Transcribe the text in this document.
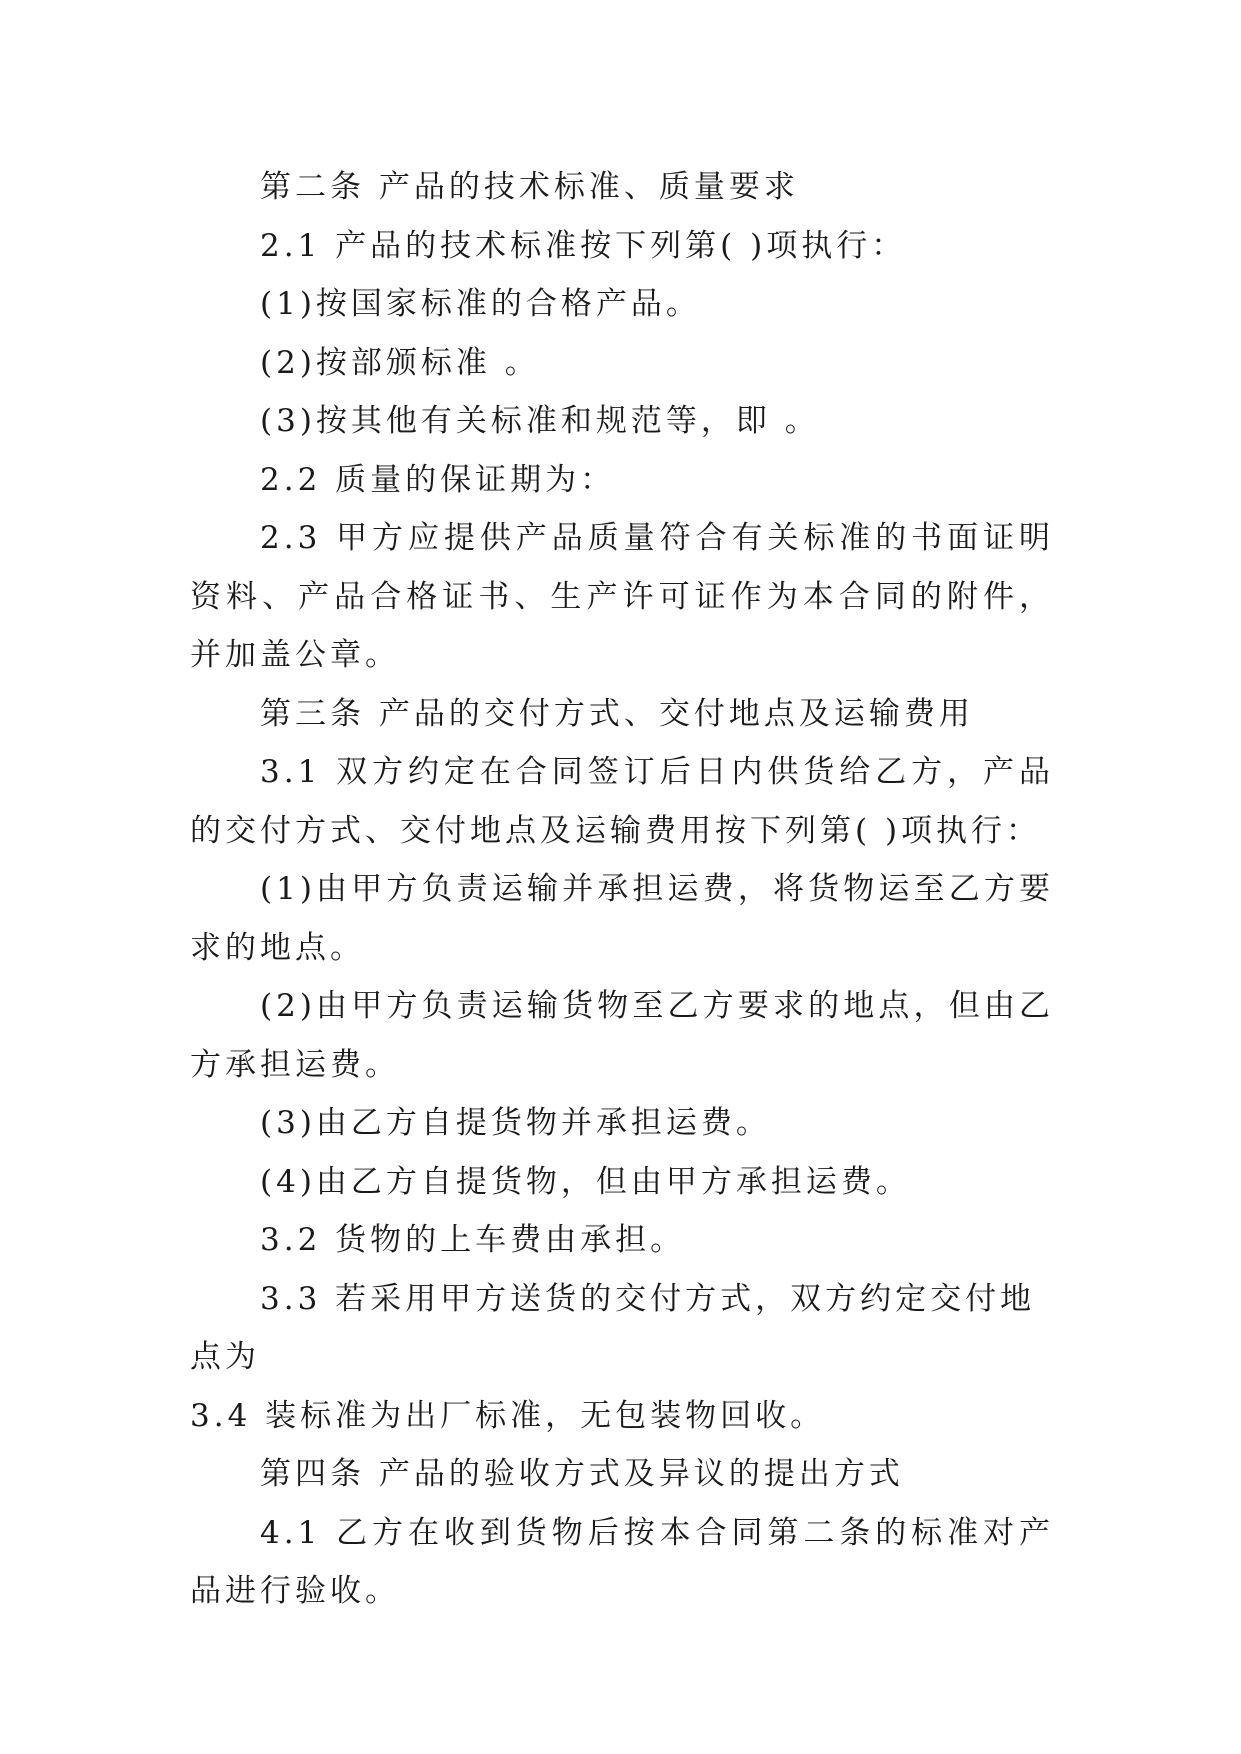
第二条 产品的技术标准、质量要求

2.1 产品的技术标准按下列第( )项执行：

(1)按国家标准的合格产品。

(2)按部颁标准 。

(3)按其他有关标准和规范等，即 。

2.2 质量的保证期为：

2.3 甲方应提供产品质量符合有关标准的书面证明资料、产品合格证书、生产许可证作为本合同的附件，并加盖公章。

第三条 产品的交付方式、交付地点及运输费用

3.1 双方约定在合同签订后日内供货给乙方，产品的交付方式、交付地点及运输费用按下列第( )项执行：

(1)由甲方负责运输并承担运费，将货物运至乙方要求的地点。

(2)由甲方负责运输货物至乙方要求的地点，但由乙方承担运费。

(3)由乙方自提货物并承担运费。

(4)由乙方自提货物，但由甲方承担运费。

3.2 货物的上车费由承担。

3.3 若采用甲方送货的交付方式，双方约定交付地点为

3.4 装标准为出厂标准，无包装物回收。

第四条 产品的验收方式及异议的提出方式

4.1 乙方在收到货物后按本合同第二条的标准对产品进行验收。
